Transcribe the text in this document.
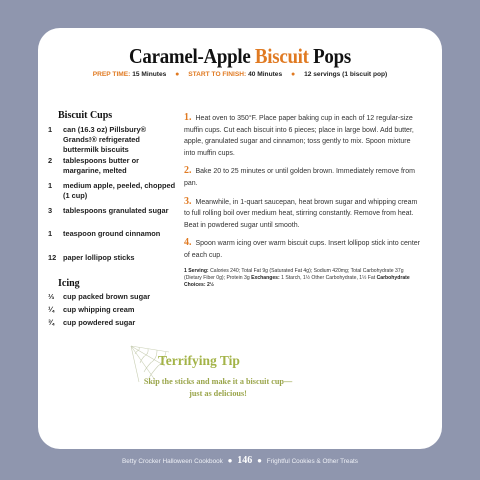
Caramel-Apple Biscuit Pops
PREP TIME: 15 Minutes ● START TO FINISH: 40 Minutes ● 12 servings (1 biscuit pop)
Biscuit Cups
1	can (16.3 oz) Pillsbury® Grands!® refrigerated buttermilk biscuits
2	tablespoons butter or margarine, melted
1	medium apple, peeled, chopped (1 cup)
3	tablespoons granulated sugar
1	teaspoon ground cinnamon
12 paper lollipop sticks
Icing
⅓	cup packed brown sugar
¼	cup whipping cream
¾	cup powdered sugar
1. Heat oven to 350°F. Place paper baking cup in each of 12 regular-size muffin cups. Cut each biscuit into 6 pieces; place in large bowl. Add butter, apple, granulated sugar and cinnamon; toss gently to mix. Spoon mixture into muffin cups.
2. Bake 20 to 25 minutes or until golden brown. Immediately remove from pan.
3. Meanwhile, in 1-quart saucepan, heat brown sugar and whipping cream to full rolling boil over medium heat, stirring constantly. Remove from heat. Beat in powdered sugar until smooth.
4. Spoon warm icing over warm biscuit cups. Insert lollipop stick into center of each cup.
1 Serving: Calories 240; Total Fat 9g (Saturated Fat 4g); Sodium 420mg; Total Carbohydrate 37g (Dietary Fiber 0g); Protein 3g Exchanges: 1 Starch, 1½ Other Carbohydrate, 1½ Fat Carbohydrate Choices: 2½
Terrifying Tip
Skip the sticks and make it a biscuit cup—just as delicious!
Betty Crocker Halloween Cookbook ● 146 ● Frightful Cookies & Other Treats
